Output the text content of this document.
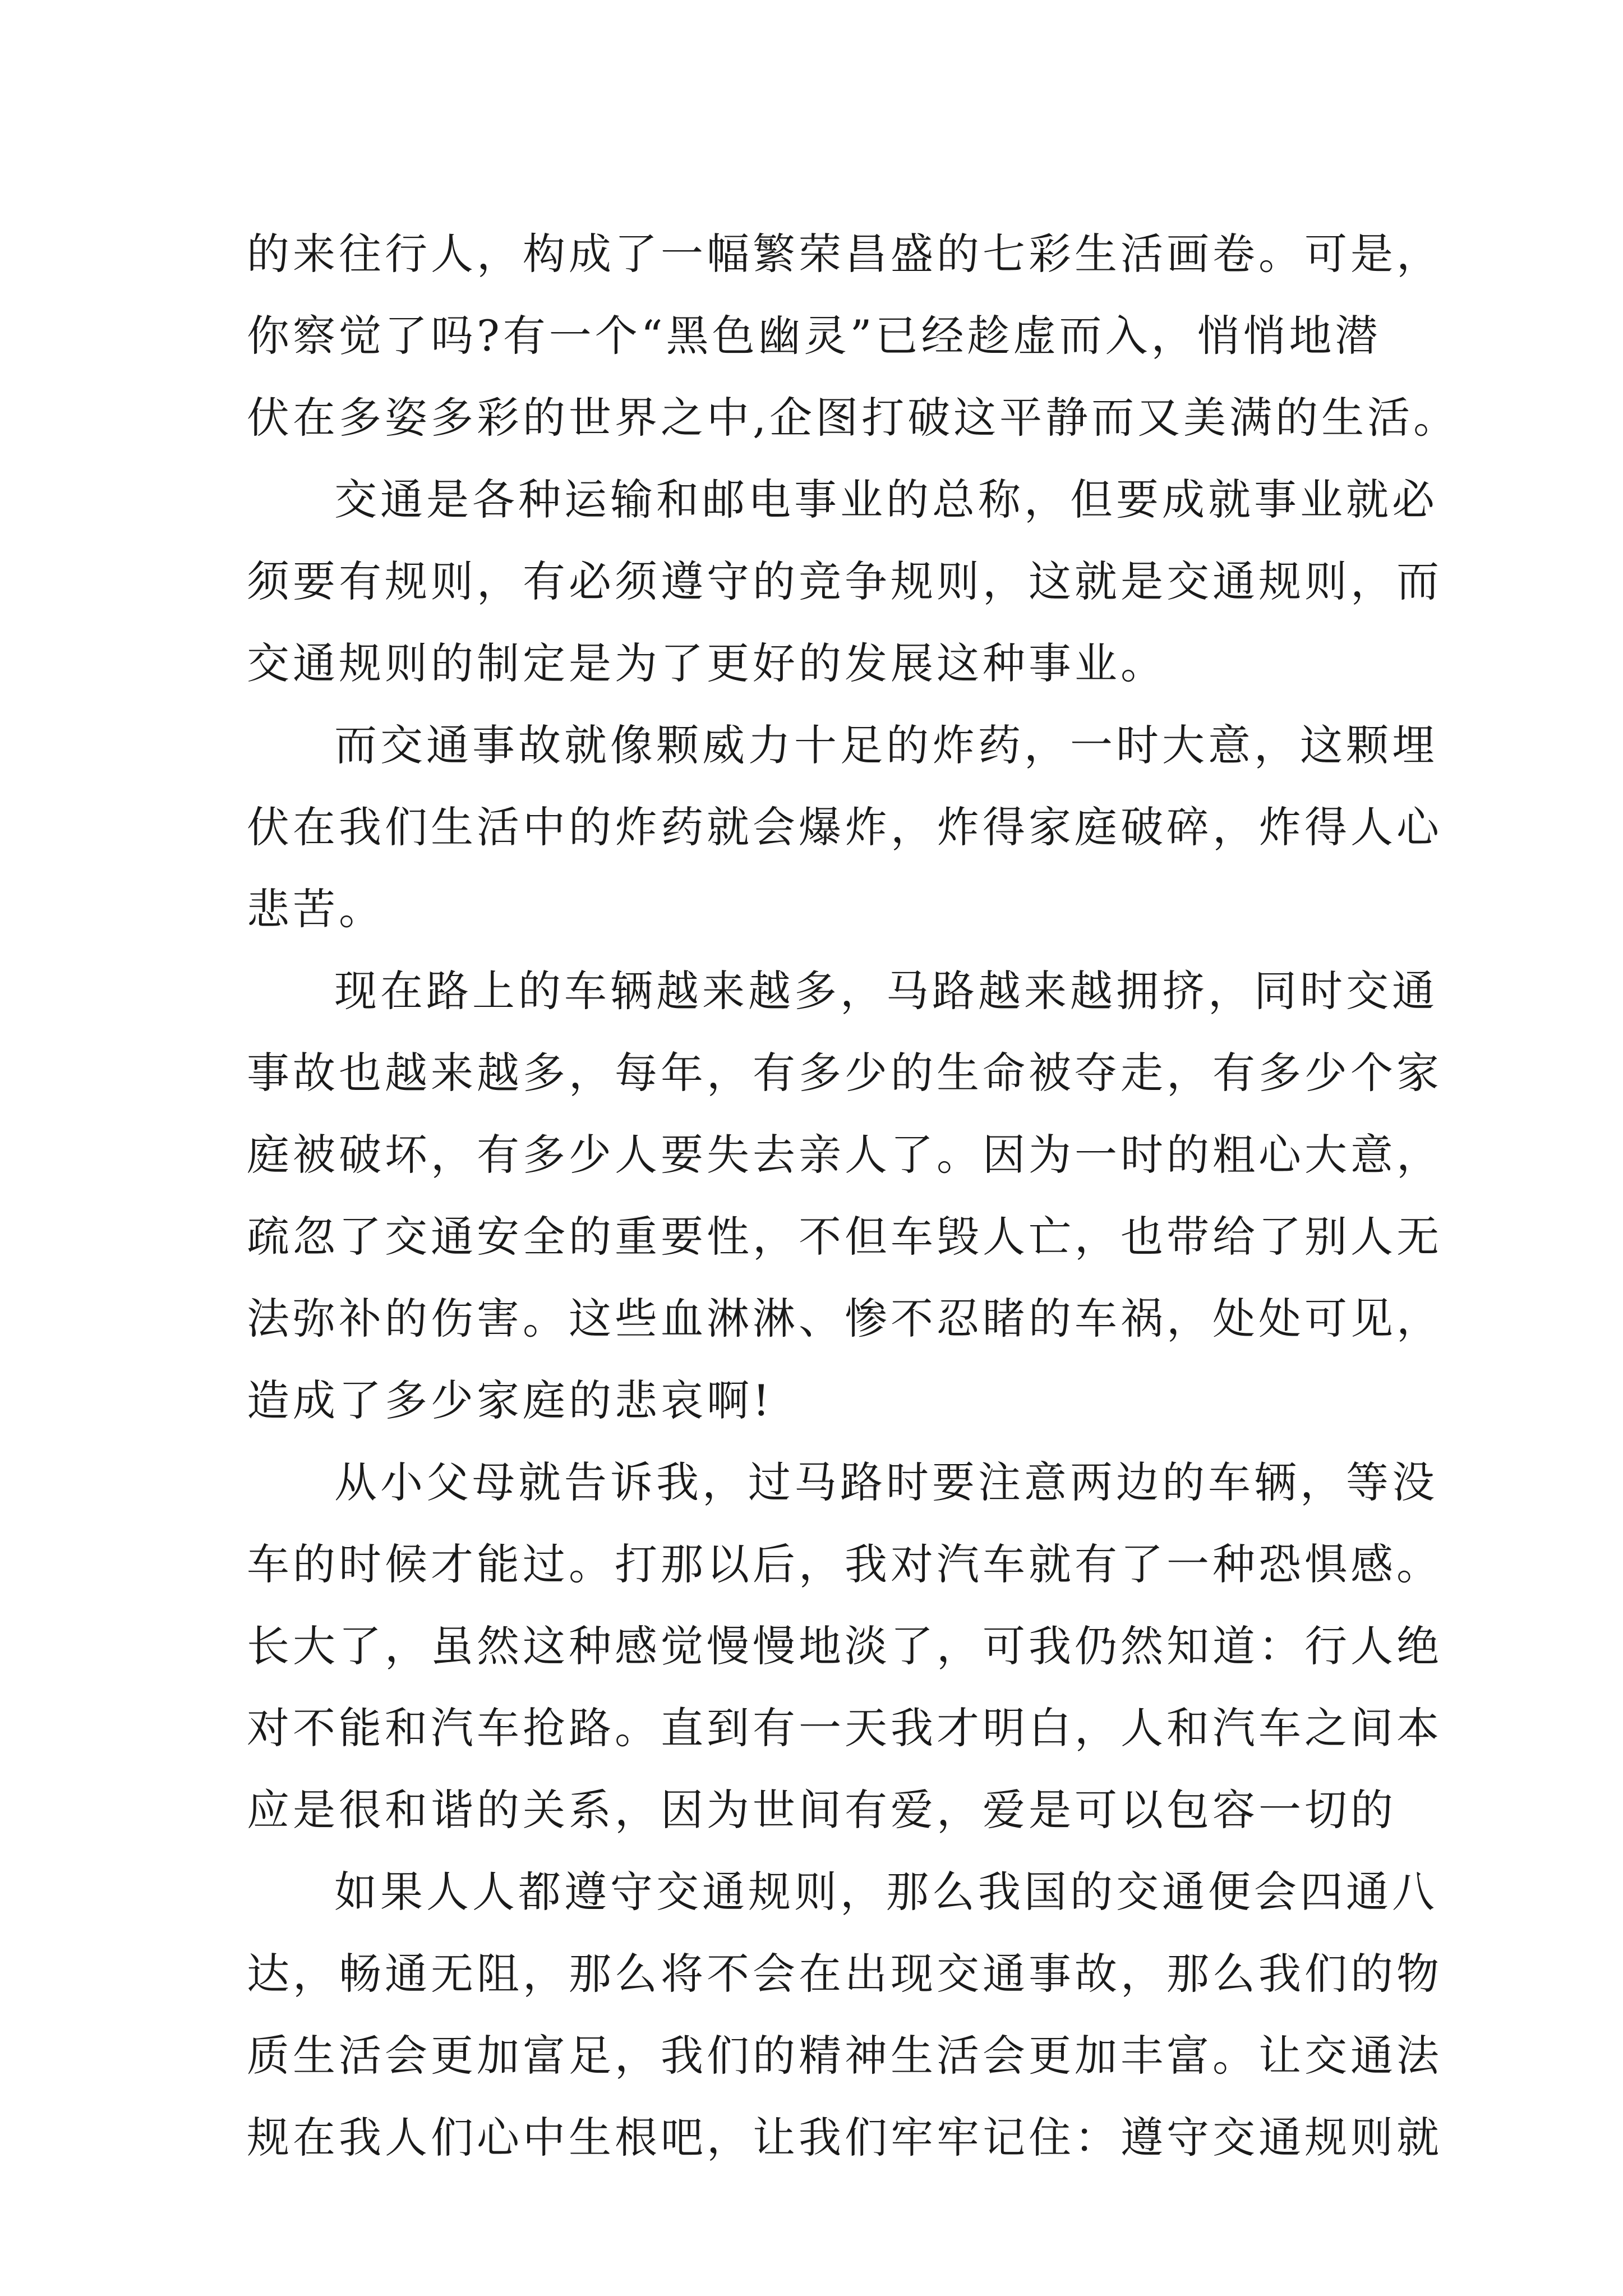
的来往行人，构成了一幅繁荣昌盛的七彩生活画卷。可是，
你察觉了吗?有一个“黑色幽灵”已经趁虚而入，悄悄地潜
伏在多姿多彩的世界之中,企图打破这平静而又美满的生活。
交通是各种运输和邮电事业的总称，但要成就事业就必
须要有规则，有必须遵守的竞争规则，这就是交通规则，而
交通规则的制定是为了更好的发展这种事业。
而交通事故就像颗威力十足的炸药，一时大意，这颗埋
伏在我们生活中的炸药就会爆炸，炸得家庭破碎，炸得人心
悲苦。
现在路上的车辆越来越多，马路越来越拥挤，同时交通
事故也越来越多，每年，有多少的生命被夺走，有多少个家
庭被破坏，有多少人要失去亲人了。因为一时的粗心大意，
疏忽了交通安全的重要性，不但车毁人亡，也带给了别人无
法弥补的伤害。这些血淋淋、惨不忍睹的车祸，处处可见，
造成了多少家庭的悲哀啊!
从小父母就告诉我，过马路时要注意两边的车辆，等没
车的时候才能过。打那以后，我对汽车就有了一种恐惧感。
长大了，虽然这种感觉慢慢地淡了，可我仍然知道：行人绝
对不能和汽车抢路。直到有一天我才明白，人和汽车之间本
应是很和谐的关系，因为世间有爱，爱是可以包容一切的
如果人人都遵守交通规则，那么我国的交通便会四通八
达，畅通无阻，那么将不会在出现交通事故，那么我们的物
质生活会更加富足，我们的精神生活会更加丰富。让交通法
规在我人们心中生根吧，让我们牢牢记住：遵守交通规则就
